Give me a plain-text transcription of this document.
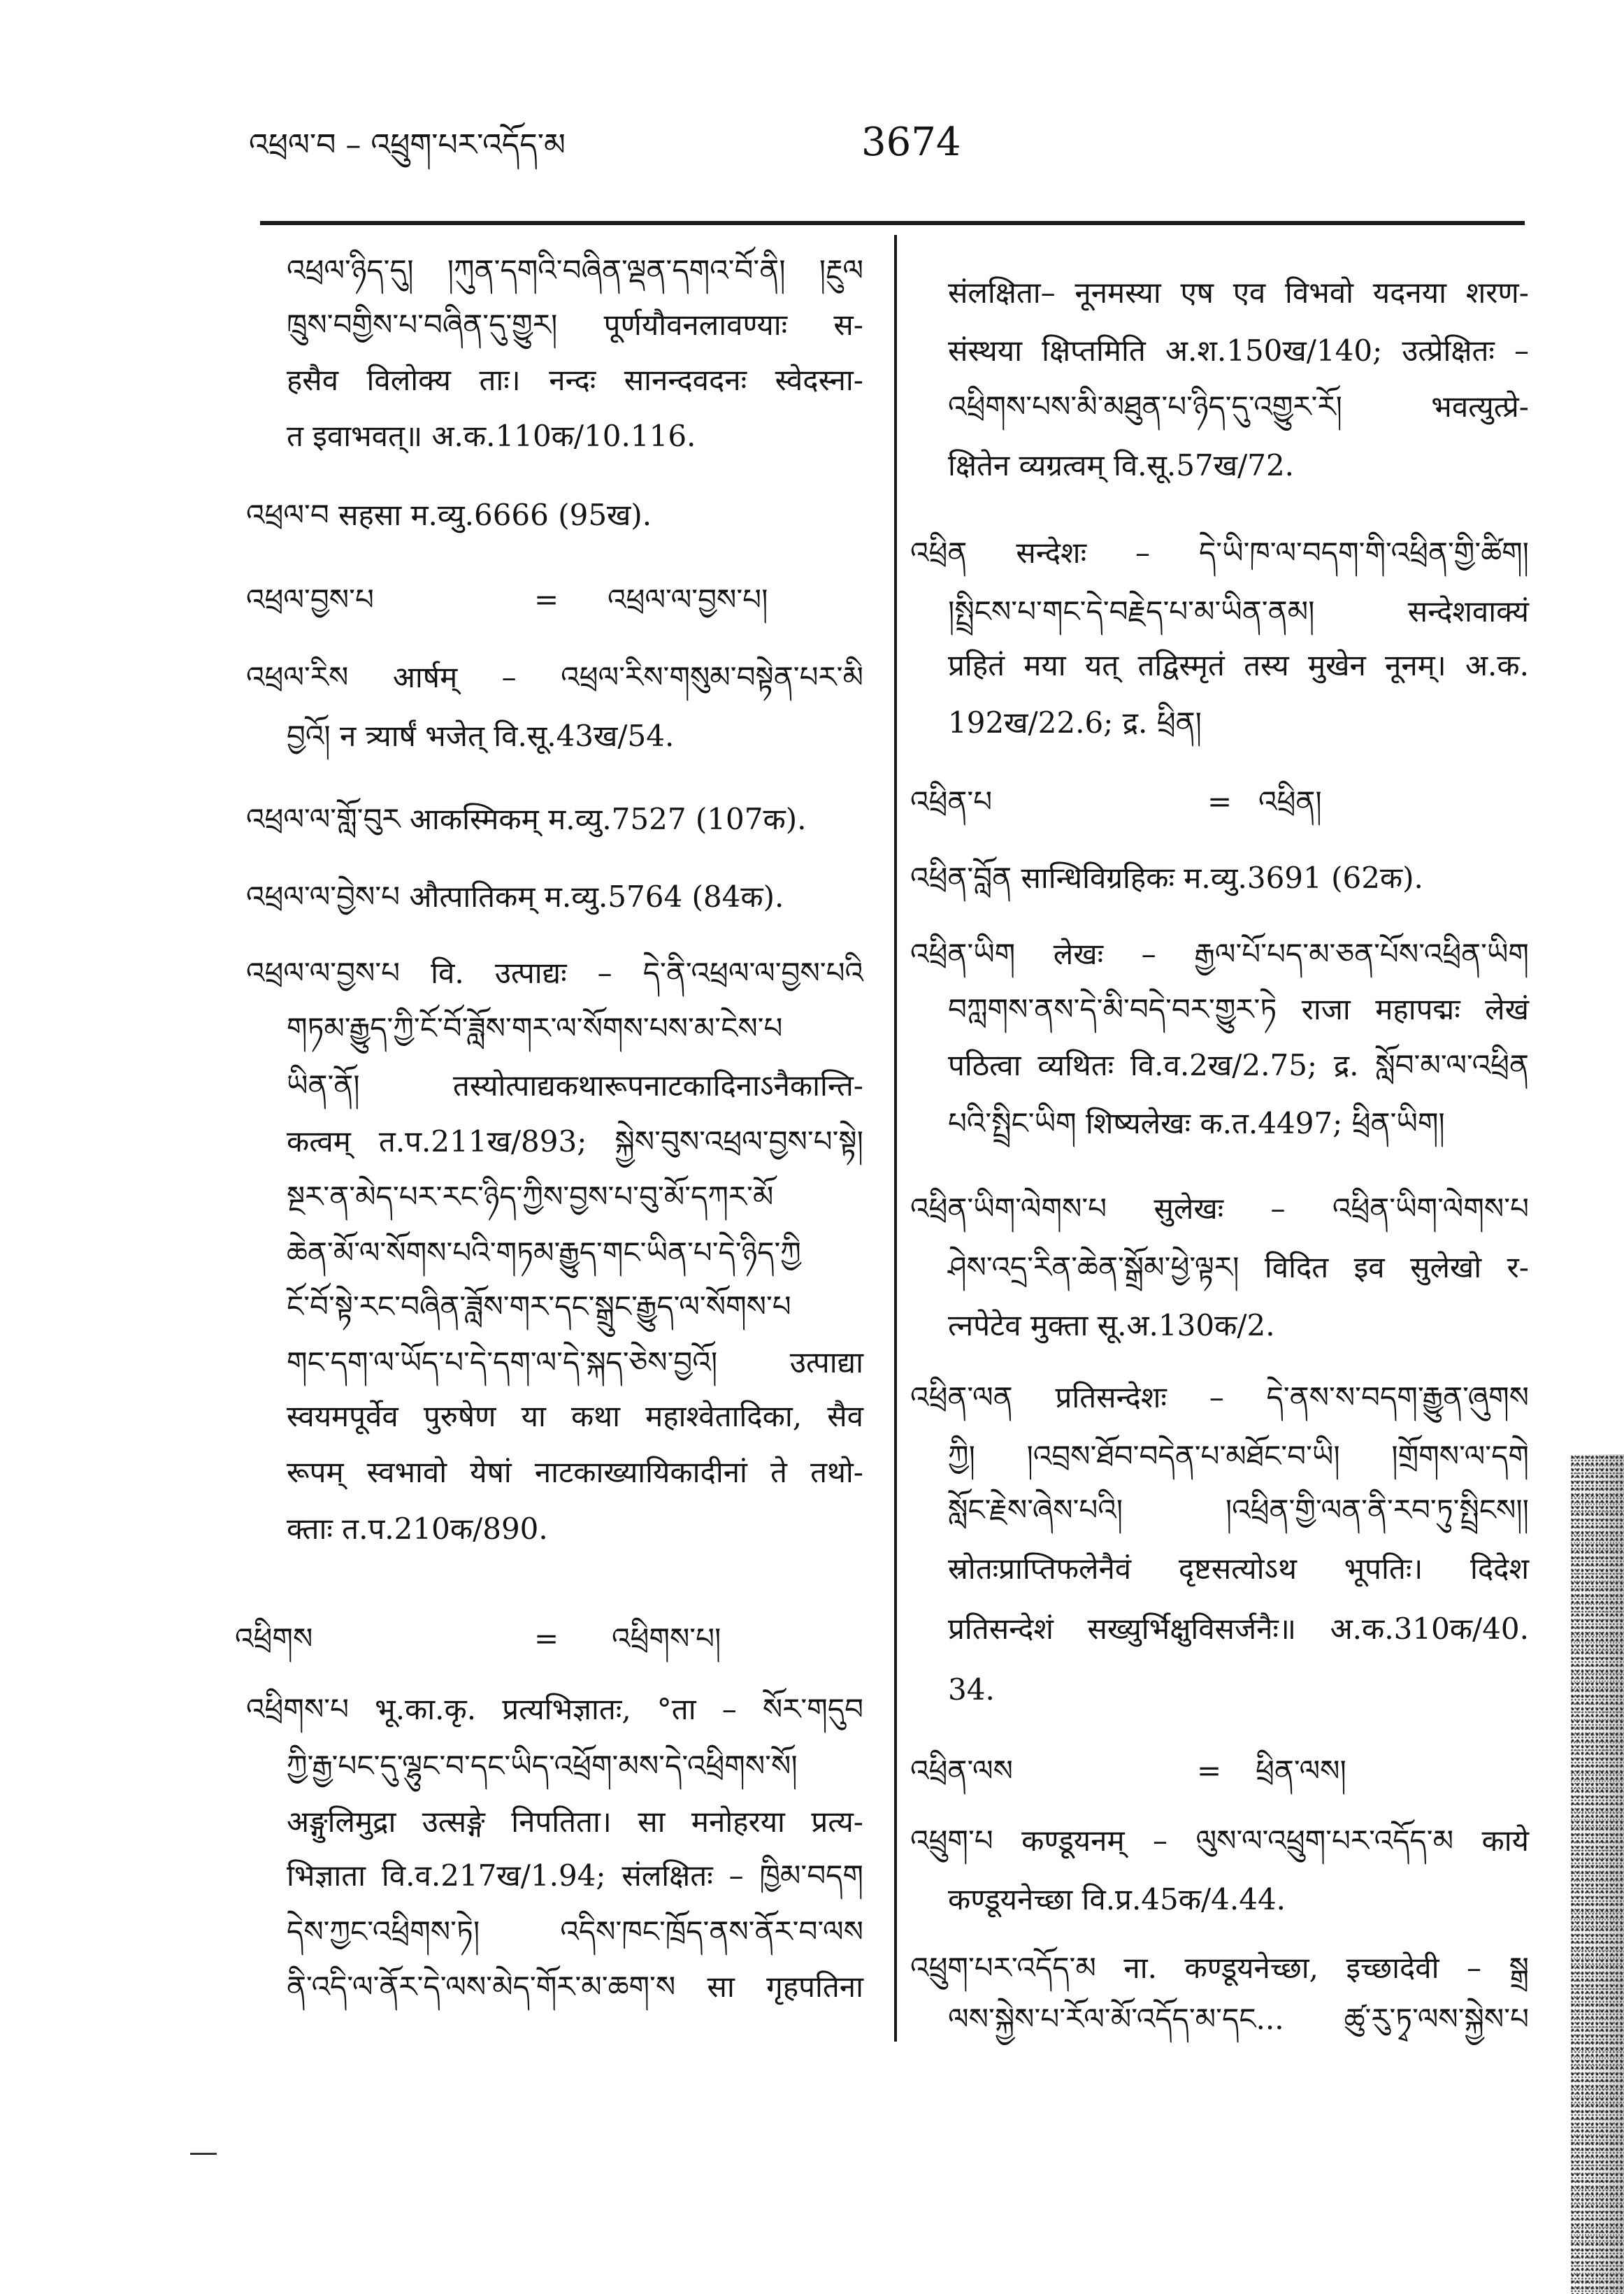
འཕྲལ་བ – འཕྲུག་པར་འདོད་མ	3674
འཕྲལ་ཉིད་དུ། །ཀུན་དགའི་བཞིན་ལྡན་དགའ་བོ་ནི། །རྔུལ
ཁྲུས་བགྱིས་པ་བཞིན་དུ་གྱུར། पूर्णयौवनलावण्याः स-
हसैव विलोक्य ताः। नन्दः सानन्दवदनः स्वेदस्ना-
त इवाभवत्॥ अ.क.110क/10.116.
འཕྲལ་བ सहसा म.व्यु.6666 (95ख).
འཕྲལ་བྱས་པ	= འཕྲལ་ལ་བྱས་པ།
འཕྲལ་རིས आर्षम् – འཕྲལ་རིས་གསུམ་བསྟེན་པར་མི
བྱའོ། न त्र्यार्षं भजेत् वि.सू.43ख/54.
འཕྲལ་ལ་གློ་བུར आकस्मिकम् म.व्यु.7527 (107क).
འཕྲལ་ལ་བྱེས་པ औत्पातिकम् म.व्यु.5764 (84क).
འཕྲལ་ལ་བྱས་པ वि. उत्पाद्यः – དེ་ནི་འཕྲལ་ལ་བྱས་པའི
གཏམ་རྒྱུད་ཀྱི་ངོ་བོ་ཟློས་གར་ལ་སོགས་པས་མ་ངེས་པ
ཡིན་ནོ། तस्योत्पाद्यकथारूपनाटकादिनाऽनैकान्ति-
कत्वम् त.प.211ख/893; སྐྱེས་བུས་འཕྲལ་བྱས་པ་སྟེ།
སྔར་ན་མེད་པར་རང་ཉིད་ཀྱིས་བྱས་པ་བུ་མོ་དཀར་མོ
ཆེན་མོ་ལ་སོགས་པའི་གཏམ་རྒྱུད་གང་ཡིན་པ་དེ་ཉིད་ཀྱི
ངོ་བོ་སྟེ་རང་བཞིན་ཟློས་གར་དང་སྒྲུང་རྒྱུད་ལ་སོགས་པ
གང་དག་ལ་ཡོད་པ་དེ་དག་ལ་དེ་སྐད་ཅེས་བྱའོ། उत्पाद्या
स्वयमपूर्वेव पुरुषेण या कथा महाश्वेतादिका, सैव
रूपम् स्वभावो येषां नाटकाख्यायिकादीनां ते तथो-
क्ताः त.प.210क/890.
འཕྲིགས	= འཕྲིགས་པ།
འཕྲིགས་པ भू.का.कृ. प्रत्यभिज्ञातः, °ता – སོར་གདུབ
ཀྱི་རྒྱ་པང་དུ་ལྷུང་བ་དང་ཡིད་འཕྲོག་མས་དེ་འཕྲིགས་སོ།
अङ्गुलिमुद्रा उत्सङ्गे निपतिता। सा मनोहरया प्रत्य-
भिज्ञाता वि.व.217ख/1.94; संलक्षितः – ཁྱིམ་བདག
དེས་ཀྱང་འཕྲིགས་ཏེ། འདིས་ཁང་ཁྲོད་ནས་ནོར་བ་ལས
ནི་འདི་ལ་ནོར་དེ་ལས་མེད་གོར་མ་ཆག་ས सा गृहपतिना
संलक्षिता– नूनमस्या एष एव विभवो यदनया शरण-
संस्थया क्षिप्तमिति अ.श.150ख/140; उत्प्रेक्षितः –
འཕྲིགས་པས་མི་མཐུན་པ་ཉིད་དུ་འགྱུར་རོ། भवत्युत्प्रे-
क्षितेन व्यग्रत्वम् वि.सू.57ख/72.
འཕྲིན सन्देशः – དེ་ཡི་ཁ་ལ་བདག་གི་འཕྲིན་གྱི་ཚིག།
།སྤྲིངས་པ་གང་དེ་བརྗེད་པ་མ་ཡིན་ནམ། सन्देशवाक्यं
प्रहितं मया यत् तद्विस्मृतं तस्य मुखेन नूनम्। अ.क.
192ख/22.6; द्र. ཕྲིན།
འཕྲིན་པ	= འཕྲིན།
འཕྲིན་བློན सान्धिविग्रहिकः म.व्यु.3691 (62क).
འཕྲིན་ཡིག लेखः – རྒྱལ་པོ་པད་མ་ཅན་པོས་འཕྲིན་ཡིག
བཀླགས་ནས་དེ་མི་བདེ་བར་གྱུར་ཏེ राजा महापद्मः लेखं
पठित्वा व्यथितः वि.व.2ख/2.75; द्र. སློབ་མ་ལ་འཕྲིན
པའི་སྤྲིང་ཡིག शिष्यलेखः क.त.4497; ཕྲིན་ཡིག།
འཕྲིན་ཡིག་ལེགས་པ सुलेखः – འཕྲིན་ཡིག་ལེགས་པ
ཤེས་འདྲ་རིན་ཆེན་སྒྲོམ་ཕྱེ་ལྟར། विदित इव सुलेखो र-
त्नपेटेव मुक्ता सू.अ.130क/2.
འཕྲིན་ལན प्रतिसन्देशः – དེ་ནས་ས་བདག་རྒྱུན་ཞུགས
ཀྱི། །འབྲས་ཐོབ་བདེན་པ་མཐོང་བ་ཡི། །གྲོགས་ལ་དགེ
སློང་རྗེས་ཞེས་པའི། །འཕྲིན་གྱི་ལན་ནི་རབ་ཏུ་སྤྲིངས།།
स्रोतःप्राप्तिफलेनैवं दृष्टसत्योऽथ भूपतिः। दिदेश
प्रतिसन्देशं सख्युर्भिक्षुविसर्जनैः॥ अ.क.310क/40.
34.
འཕྲིན་ལས	= ཕྲིན་ལས།
འཕྲུག་པ कण्डूयनम् – ལུས་ལ་འཕྲུག་པར་འདོད་མ काये
कण्डूयनेच्छा वि.प्र.45क/4.44.
འཕྲུག་པར་འདོད་མ ना. कण्डूयनेच्छा, इच्छादेवी – སྒྲ
ལས་སྐྱེས་པ་རོལ་མོ་འདོད་མ་དང... ཚུ་རུ་ཏྭ་ལས་སྐྱེས་པ
